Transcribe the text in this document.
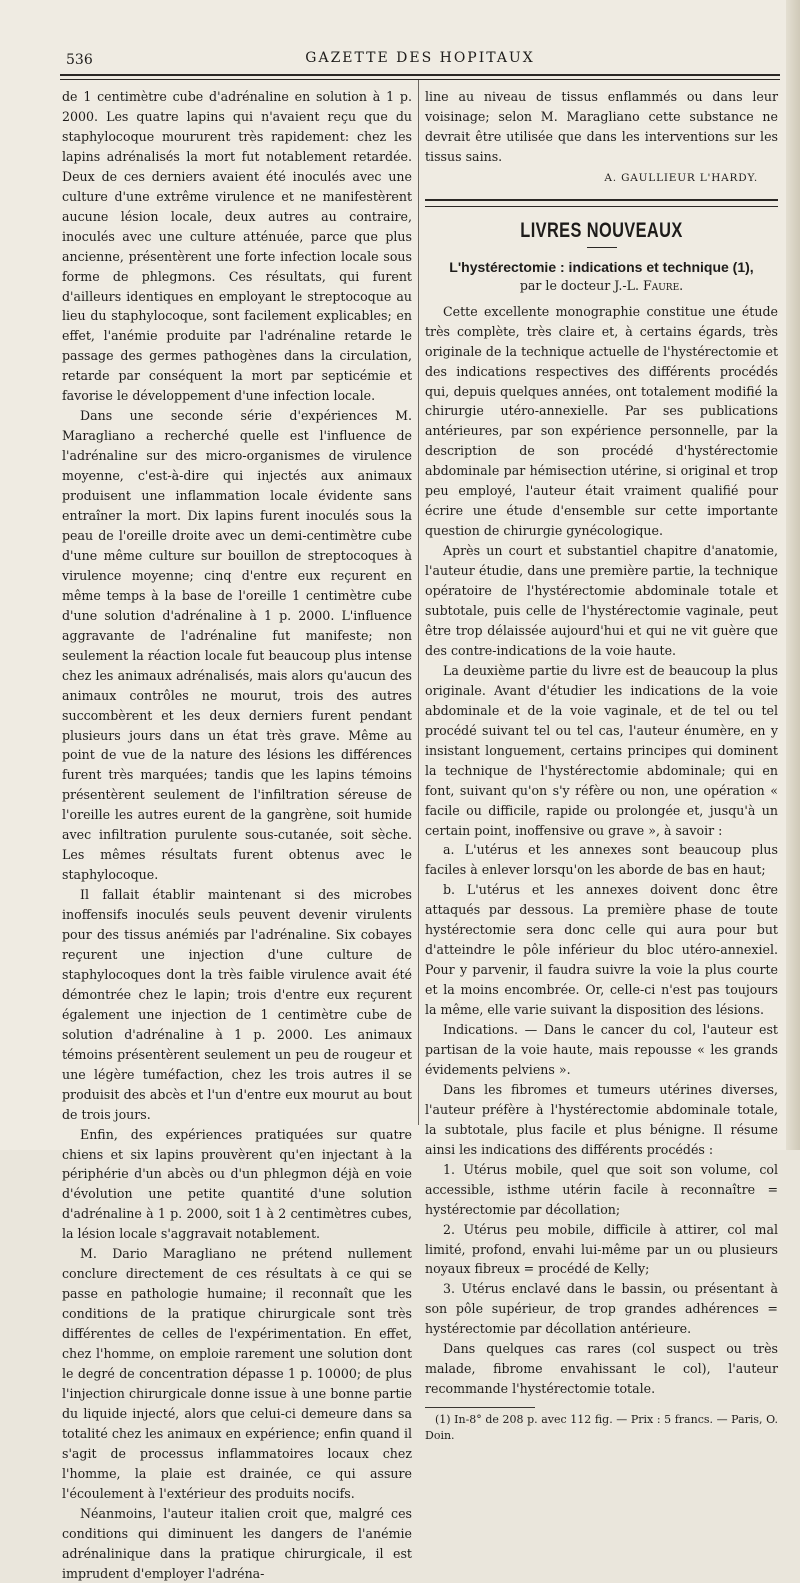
536	GAZETTE DES HOPITAUX

de 1 centimètre cube d'adrénaline en solution à 1 p. 2000. Les quatre lapins qui n'avaient reçu que du staphylocoque moururent très rapidement: chez les lapins adrénalisés la mort fut notablement retardée. Deux de ces derniers avaient été inoculés avec une culture d'une extrême virulence et ne manifestèrent aucune lésion locale, deux autres au contraire, inoculés avec une culture atténuée, parce que plus ancienne, présentèrent une forte infection locale sous forme de phlegmons. Ces résultats, qui furent d'ailleurs identiques en employant le streptocoque au lieu du staphylocoque, sont facilement explicables; en effet, l'anémie produite par l'adrénaline retarde le passage des germes pathogènes dans la circulation, retarde par conséquent la mort par septicémie et favorise le développement d'une infection locale.

Dans une seconde série d'expériences M. Maragliano a recherché quelle est l'influence de l'adrénaline sur des micro-organismes de virulence moyenne, c'est-à-dire qui injectés aux animaux produisent une inflammation locale évidente sans entraîner la mort. Dix lapins furent inoculés sous la peau de l'oreille droite avec un demi-centimètre cube d'une même culture sur bouillon de streptocoques à virulence moyenne; cinq d'entre eux reçurent en même temps à la base de l'oreille 1 centimètre cube d'une solution d'adrénaline à 1 p. 2000. L'influence aggravante de l'adrénaline fut manifeste; non seulement la réaction locale fut beaucoup plus intense chez les animaux adrénalisés, mais alors qu'aucun des animaux contrôles ne mourut, trois des autres succombèrent et les deux derniers furent pendant plusieurs jours dans un état très grave. Même au point de vue de la nature des lésions les différences furent très marquées; tandis que les lapins témoins présentèrent seulement de l'infiltration séreuse de l'oreille les autres eurent de la gangrène, soit humide avec infiltration purulente sous-cutanée, soit sèche. Les mêmes résultats furent obtenus avec le staphylocoque.

Il fallait établir maintenant si des microbes inoffensifs inoculés seuls peuvent devenir virulents pour des tissus anémiés par l'adrénaline. Six cobayes reçurent une injection d'une culture de staphylocoques dont la très faible virulence avait été démontrée chez le lapin; trois d'entre eux reçurent également une injection de 1 centimètre cube de solution d'adrénaline à 1 p. 2000. Les animaux témoins présentèrent seulement un peu de rougeur et une légère tuméfaction, chez les trois autres il se produisit des abcès et l'un d'entre eux mourut au bout de trois jours.

Enfin, des expériences pratiquées sur quatre chiens et six lapins prouvèrent qu'en injectant à la périphérie d'un abcès ou d'un phlegmon déjà en voie d'évolution une petite quantité d'une solution d'adrénaline à 1 p. 2000, soit 1 à 2 centimètres cubes, la lésion locale s'aggravait notablement.

M. Dario Maragliano ne prétend nullement conclure directement de ces résultats à ce qui se passe en pathologie humaine; il reconnaît que les conditions de la pratique chirurgicale sont très différentes de celles de l'expérimentation. En effet, chez l'homme, on emploie rarement une solution dont le degré de concentration dépasse 1 p. 10000; de plus l'injection chirurgicale donne issue à une bonne partie du liquide injecté, alors que celui-ci demeure dans sa totalité chez les animaux en expérience; enfin quand il s'agit de processus inflammatoires locaux chez l'homme, la plaie est drainée, ce qui assure l'écoulement à l'extérieur des produits nocifs.

Néanmoins, l'auteur italien croit que, malgré ces conditions qui diminuent les dangers de l'anémie adrénalinique dans la pratique chirurgicale, il est imprudent d'employer l'adréna-

line au niveau de tissus enflammés ou dans leur voisinage; selon M. Maragliano cette substance ne devrait être utilisée que dans les interventions sur les tissus sains.

A. GAULLIEUR L'HARDY.
LIVRES NOUVEAUX
L'hystérectomie : indications et technique (1),
par le docteur J.-L. Faure.

Cette excellente monographie constitue une étude très complète, très claire et, à certains égards, très originale de la technique actuelle de l'hystérectomie et des indications respectives des différents procédés qui, depuis quelques années, ont totalement modifié la chirurgie utéro-annexielle. Par ses publications antérieures, par son expérience personnelle, par la description de son procédé d'hystérectomie abdominale par hémisection utérine, si original et trop peu employé, l'auteur était vraiment qualifié pour écrire une étude d'ensemble sur cette importante question de chirurgie gynécologique.

Après un court et substantiel chapitre d'anatomie, l'auteur étudie, dans une première partie, la technique opératoire de l'hystérectomie abdominale totale et subtotale, puis celle de l'hystérectomie vaginale, peut être trop délaissée aujourd'hui et qui ne vit guère que des contre-indications de la voie haute.

La deuxième partie du livre est de beaucoup la plus originale. Avant d'étudier les indications de la voie abdominale et de la voie vaginale, et de tel ou tel procédé suivant tel ou tel cas, l'auteur énumère, en y insistant longuement, certains principes qui dominent la technique de l'hystérectomie abdominale; qui en font, suivant qu'on s'y réfère ou non, une opération « facile ou difficile, rapide ou prolongée et, jusqu'à un certain point, inoffensive ou grave », à savoir :

a. L'utérus et les annexes sont beaucoup plus faciles à enlever lorsqu'on les aborde de bas en haut;

b. L'utérus et les annexes doivent donc être attaqués par dessous. La première phase de toute hystérectomie sera donc celle qui aura pour but d'atteindre le pôle inférieur du bloc utéro-annexiel. Pour y parvenir, il faudra suivre la voie la plus courte et la moins encombrée. Or, celle-ci n'est pas toujours la même, elle varie suivant la disposition des lésions.

Indications. — Dans le cancer du col, l'auteur est partisan de la voie haute, mais repousse « les grands évidements pelviens ».

Dans les fibromes et tumeurs utérines diverses, l'auteur préfère à l'hystérectomie abdominale totale, la subtotale, plus facile et plus bénigne. Il résume ainsi les indications des différents procédés :

1. Utérus mobile, quel que soit son volume, col accessible, isthme utérin facile à reconnaître = hystérectomie par décollation;

2. Utérus peu mobile, difficile à attirer, col mal limité, profond, envahi lui-même par un ou plusieurs noyaux fibreux = procédé de Kelly;

3. Utérus enclavé dans le bassin, ou présentant à son pôle supérieur, de trop grandes adhérences = hystérectomie par décollation antérieure.

Dans quelques cas rares (col suspect ou très malade, fibrome envahissant le col), l'auteur recommande l'hystérectomie totale.

(1) In-8° de 208 p. avec 112 fig. — Prix : 5 francs. — Paris, O. Doin.
